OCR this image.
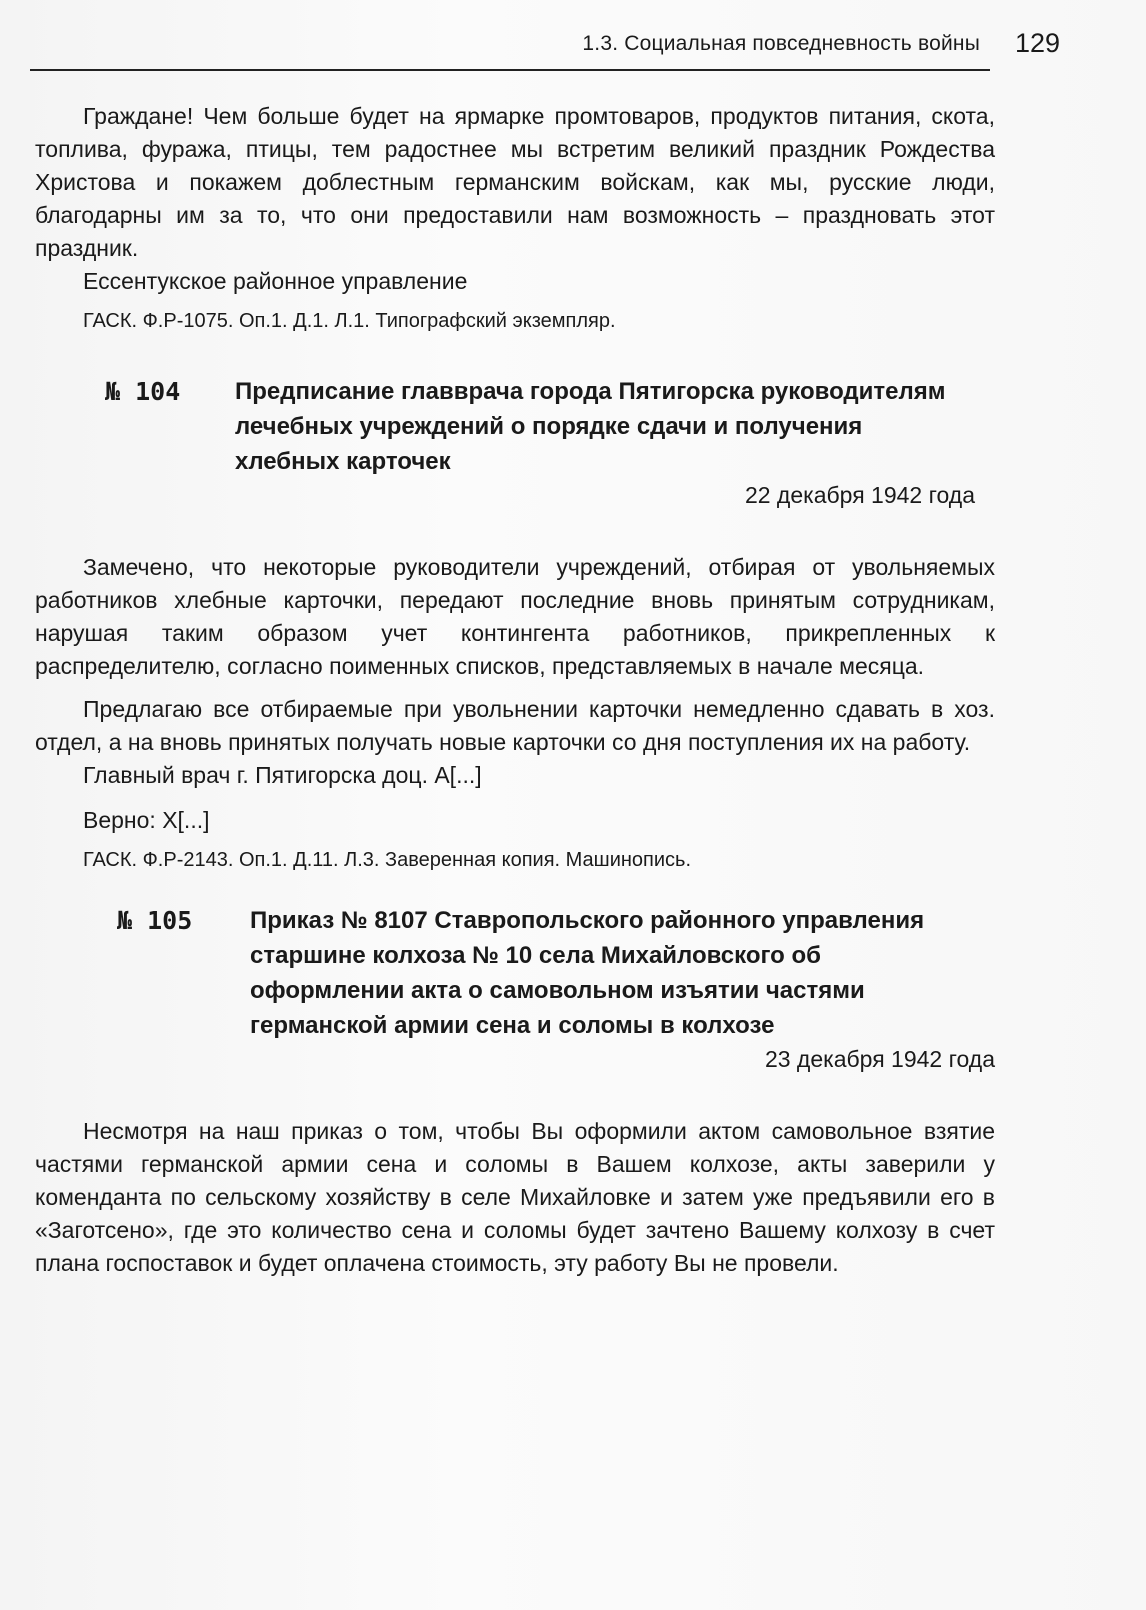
1.3. Социальная повседневность войны 129

Граждане! Чем больше будет на ярмарке промтоваров, продуктов питания, скота, топлива, фуража, птицы, тем радостнее мы встретим великий праздник Рождества Христова и покажем доблестным германским войскам, как мы, русские люди, благодарны им за то, что они предоставили нам возможность – праздновать этот праздник.

Ессентукское районное управление
ГАСК. Ф.Р-1075. Оп.1. Д.1. Л.1. Типографский экземпляр.
№ 104	Предписание главврача города Пятигорска руководителям лечебных учреждений о порядке сдачи и получения хлебных карточек
22 декабря 1942 года

Замечено, что некоторые руководители учреждений, отбирая от увольняемых работников хлебные карточки, передают последние вновь принятым сотрудникам, нарушая таким образом учет контингента работников, прикрепленных к распределителю, согласно поименных списков, представляемых в начале месяца.

Предлагаю все отбираемые при увольнении карточки немедленно сдавать в хоз. отдел, а на вновь принятых получать новые карточки со дня поступления их на работу.

Главный врач г. Пятигорска доц. А[...]
Верно: Х[...]
ГАСК. Ф.Р-2143. Оп.1. Д.11. Л.3. Заверенная копия. Машинопись.
№ 105	Приказ № 8107 Ставропольского районного управления старшине колхоза № 10 села Михайловского об оформлении акта о самовольном изъятии частями германской армии сена и соломы в колхозе
23 декабря 1942 года

Несмотря на наш приказ о том, чтобы Вы оформили актом самовольное взятие частями германской армии сена и соломы в Вашем колхозе, акты заверили у коменданта по сельскому хозяйству в селе Михайловке и затем уже предъявили его в «Заготсено», где это количество сена и соломы будет зачтено Вашему колхозу в счет плана госпоставок и будет оплачена стоимость, эту работу Вы не провели.
